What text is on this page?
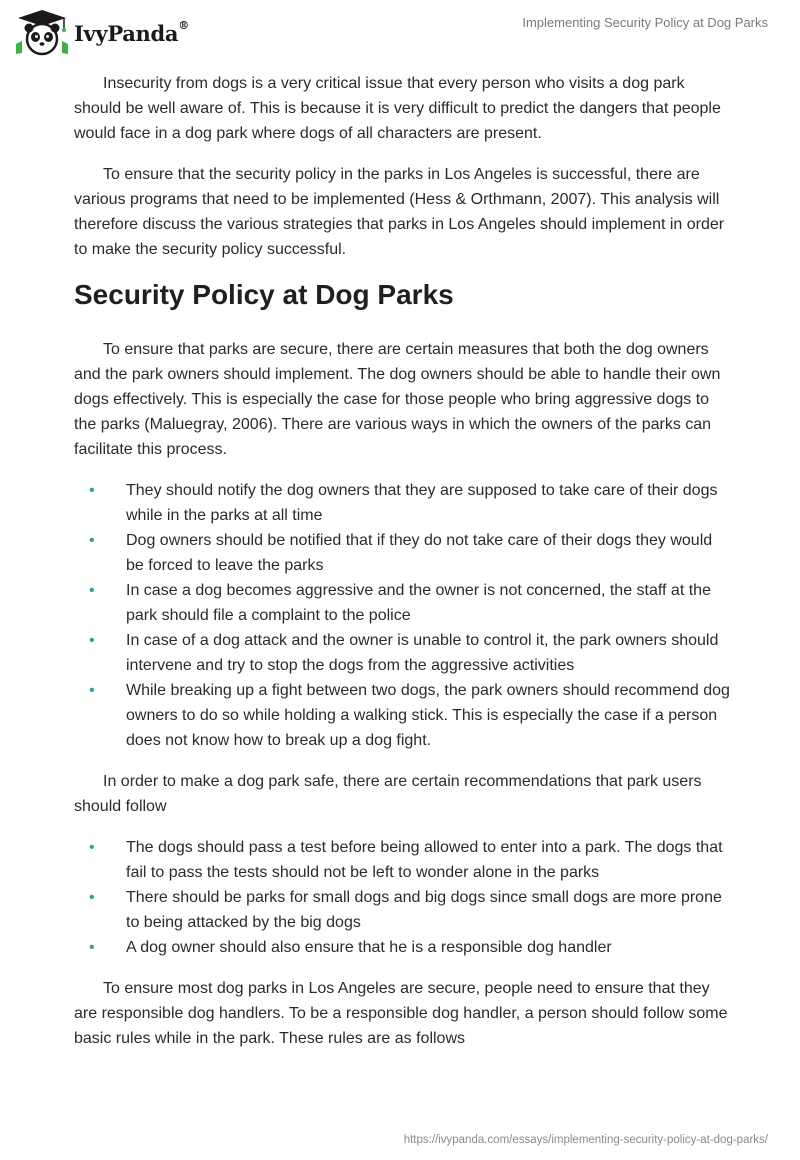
IvyPanda®	Implementing Security Policy at Dog Parks

Insecurity from dogs is a very critical issue that every person who visits a dog park should be well aware of. This is because it is very difficult to predict the dangers that people would face in a dog park where dogs of all characters are present.

To ensure that the security policy in the parks in Los Angeles is successful, there are various programs that need to be implemented (Hess & Orthmann, 2007). This analysis will therefore discuss the various strategies that parks in Los Angeles should implement in order to make the security policy successful.

Security Policy at Dog Parks

To ensure that parks are secure, there are certain measures that both the dog owners and the park owners should implement. The dog owners should be able to handle their own dogs effectively. This is especially the case for those people who bring aggressive dogs to the parks (Maluegray, 2006). There are various ways in which the owners of the parks can facilitate this process.

• They should notify the dog owners that they are supposed to take care of their dogs while in the parks at all time
• Dog owners should be notified that if they do not take care of their dogs they would be forced to leave the parks
• In case a dog becomes aggressive and the owner is not concerned, the staff at the park should file a complaint to the police
• In case of a dog attack and the owner is unable to control it, the park owners should intervene and try to stop the dogs from the aggressive activities
• While breaking up a fight between two dogs, the park owners should recommend dog owners to do so while holding a walking stick. This is especially the case if a person does not know how to break up a dog fight.

In order to make a dog park safe, there are certain recommendations that park users should follow

• The dogs should pass a test before being allowed to enter into a park. The dogs that fail to pass the tests should not be left to wonder alone in the parks
• There should be parks for small dogs and big dogs since small dogs are more prone to being attacked by the big dogs
• A dog owner should also ensure that he is a responsible dog handler

To ensure most dog parks in Los Angeles are secure, people need to ensure that they are responsible dog handlers. To be a responsible dog handler, a person should follow some basic rules while in the park. These rules are as follows

https://ivypanda.com/essays/implementing-security-policy-at-dog-parks/
